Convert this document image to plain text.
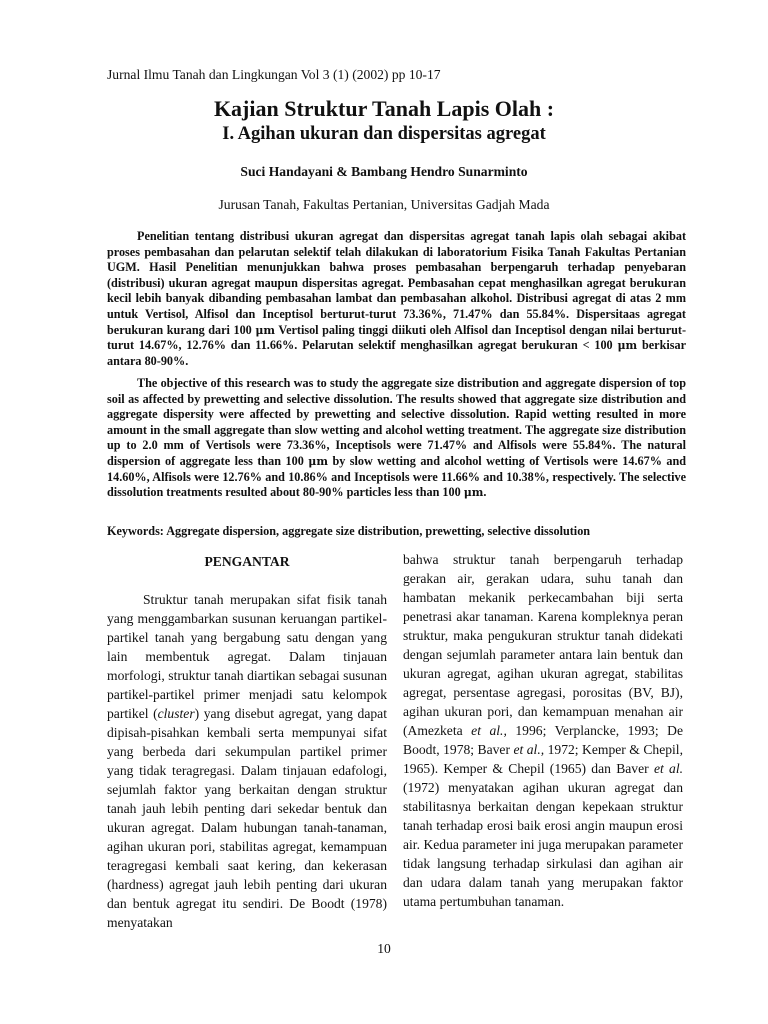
Jurnal Ilmu Tanah dan Lingkungan Vol 3 (1) (2002) pp 10-17
Kajian Struktur Tanah Lapis Olah :
I. Agihan ukuran dan dispersitas agregat
Suci Handayani & Bambang Hendro Sunarminto
Jurusan Tanah, Fakultas Pertanian, Universitas Gadjah Mada

Penelitian tentang distribusi ukuran agregat dan dispersitas agregat tanah lapis olah sebagai akibat proses pembasahan dan pelarutan selektif telah dilakukan di laboratorium Fisika Tanah Fakultas Pertanian UGM. Hasil Penelitian menunjukkan bahwa proses pembasahan berpengaruh terhadap penyebaran (distribusi) ukuran agregat maupun dispersitas agregat. Pembasahan cepat menghasilkan agregat berukuran kecil lebih banyak dibanding pembasahan lambat dan pembasahan alkohol. Distribusi agregat di atas 2 mm untuk Vertisol, Alfisol dan Inceptisol berturut-turut 73.36%, 71.47% dan 55.84%. Dispersitaas agregat berukuran kurang dari 100 μm Vertisol paling tinggi diikuti oleh Alfisol dan Inceptisol dengan nilai berturut-turut 14.67%, 12.76% dan 11.66%. Pelarutan selektif menghasilkan agregat berukuran < 100 μm berkisar antara 80-90%.

The objective of this research was to study the aggregate size distribution and aggregate dispersion of top soil as affected by prewetting and selective dissolution. The results showed that aggregate size distribution and aggregate dispersity were affected by prewetting and selective dissolution. Rapid wetting resulted in more amount in the small aggregate than slow wetting and alcohol wetting treatment. The aggregate size distribution up to 2.0 mm of Vertisols were 73.36%, Inceptisols were 71.47% and Alfisols were 55.84%. The natural dispersion of aggregate less than 100 μm by slow wetting and alcohol wetting of Vertisols were 14.67% and 14.60%, Alfisols were 12.76% and 10.86% and Inceptisols were 11.66% and 10.38%, respectively. The selective dissolution treatments resulted about 80-90% particles less than 100 μm.

Keywords: Aggregate dispersion, aggregate size distribution, prewetting, selective dissolution

PENGANTAR

Struktur tanah merupakan sifat fisik tanah yang menggambarkan susunan keruangan partikel-partikel tanah yang bergabung satu dengan yang lain membentuk agregat. Dalam tinjauan morfologi, struktur tanah diartikan sebagai susunan partikel-partikel primer menjadi satu kelompok partikel (cluster) yang disebut agregat, yang dapat dipisah-pisahkan kembali serta mempunyai sifat yang berbeda dari sekumpulan partikel primer yang tidak teragregasi. Dalam tinjauan edafologi, sejumlah faktor yang berkaitan dengan struktur tanah jauh lebih penting dari sekedar bentuk dan ukuran agregat. Dalam hubungan tanah-tanaman, agihan ukuran pori, stabilitas agregat, kemampuan teragregasi kembali saat kering, dan kekerasan (hardness) agregat jauh lebih penting dari ukuran dan bentuk agregat itu sendiri. De Boodt (1978) menyatakan

bahwa struktur tanah berpengaruh terhadap gerakan air, gerakan udara, suhu tanah dan hambatan mekanik perkecambahan biji serta penetrasi akar tanaman. Karena kompleknya peran struktur, maka pengukuran struktur tanah didekati dengan sejumlah parameter antara lain bentuk dan ukuran agregat, agihan ukuran agregat, stabilitas agregat, persentase agregasi, porositas (BV, BJ), agihan ukuran pori, dan kemampuan menahan air (Amezketa et al., 1996; Verplancke, 1993; De Boodt, 1978; Baver et al., 1972; Kemper & Chepil, 1965). Kemper & Chepil (1965) dan Baver et al. (1972) menyatakan agihan ukuran agregat dan stabilitasnya berkaitan dengan kepekaan struktur tanah terhadap erosi baik erosi angin maupun erosi air. Kedua parameter ini juga merupakan parameter tidak langsung terhadap sirkulasi dan agihan air dan udara dalam tanah yang merupakan faktor utama pertumbuhan tanaman.

10
